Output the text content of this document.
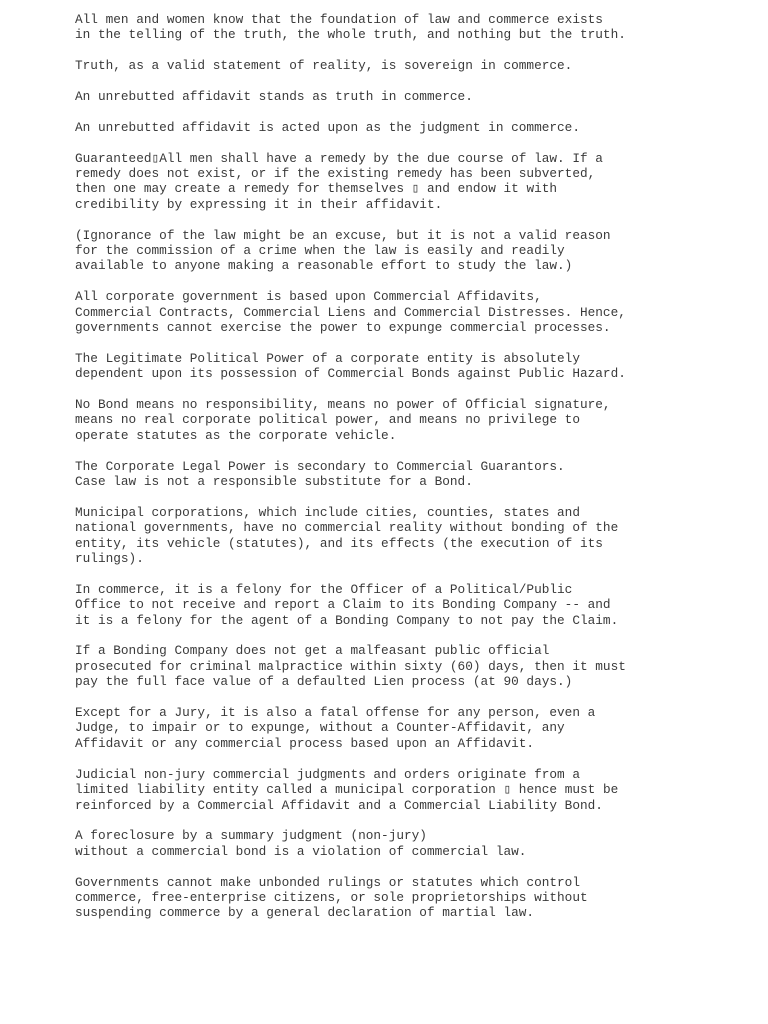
All men and women know that the foundation of law and commerce exists
in the telling of the truth, the whole truth, and nothing but the truth.
Truth, as a valid statement of reality, is sovereign in commerce.
An unrebutted affidavit stands as truth in commerce.
An unrebutted affidavit is acted upon as the judgment in commerce.
Guaranteed▯All men shall have a remedy by the due course of law. If a
remedy does not exist, or if the existing remedy has been subverted,
then one may create a remedy for themselves ▯ and endow it with
credibility by expressing it in their affidavit.
(Ignorance of the law might be an excuse, but it is not a valid reason
for the commission of a crime when the law is easily and readily
available to anyone making a reasonable effort to study the law.)
All corporate government is based upon Commercial Affidavits,
Commercial Contracts, Commercial Liens and Commercial Distresses. Hence,
governments cannot exercise the power to expunge commercial processes.
The Legitimate Political Power of a corporate entity is absolutely
dependent upon its possession of Commercial Bonds against Public Hazard.
No Bond means no responsibility, means no power of Official signature,
means no real corporate political power, and means no privilege to
operate statutes as the corporate vehicle.
The Corporate Legal Power is secondary to Commercial Guarantors.
Case law is not a responsible substitute for a Bond.
Municipal corporations, which include cities, counties, states and
national governments, have no commercial reality without bonding of the
entity, its vehicle (statutes), and its effects (the execution of its
rulings).
In commerce, it is a felony for the Officer of a Political/Public
Office to not receive and report a Claim to its Bonding Company -- and
it is a felony for the agent of a Bonding Company to not pay the Claim.
If a Bonding Company does not get a malfeasant public official
prosecuted for criminal malpractice within sixty (60) days, then it must
pay the full face value of a defaulted Lien process (at 90 days.)
Except for a Jury, it is also a fatal offense for any person, even a
Judge, to impair or to expunge, without a Counter-Affidavit, any
Affidavit or any commercial process based upon an Affidavit.
Judicial non-jury commercial judgments and orders originate from a
limited liability entity called a municipal corporation ▯ hence must be
reinforced by a Commercial Affidavit and a Commercial Liability Bond.
A foreclosure by a summary judgment (non-jury)
without a commercial bond is a violation of commercial law.
Governments cannot make unbonded rulings or statutes which control
commerce, free-enterprise citizens, or sole proprietorships without
suspending commerce by a general declaration of martial law.
